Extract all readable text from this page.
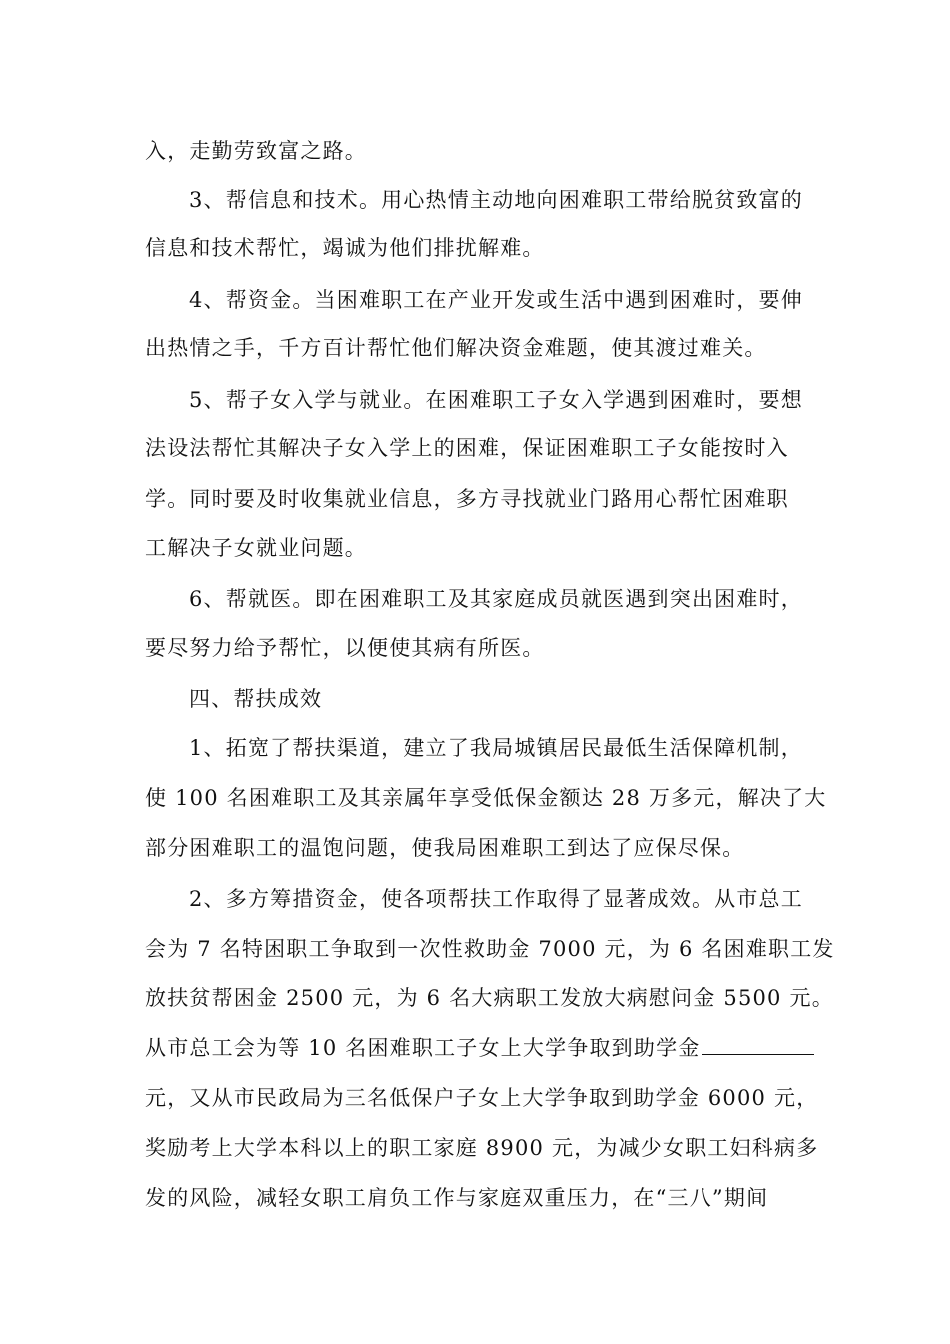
入，走勤劳致富之路。
3、帮信息和技术。用心热情主动地向困难职工带给脱贫致富的
信息和技术帮忙，竭诚为他们排扰解难。
4、帮资金。当困难职工在产业开发或生活中遇到困难时，要伸
出热情之手，千方百计帮忙他们解决资金难题，使其渡过难关。
5、帮子女入学与就业。在困难职工子女入学遇到困难时，要想
法设法帮忙其解决子女入学上的困难，保证困难职工子女能按时入
学。同时要及时收集就业信息，多方寻找就业门路用心帮忙困难职
工解决子女就业问题。
6、帮就医。即在困难职工及其家庭成员就医遇到突出困难时，
要尽努力给予帮忙，以便使其病有所医。
四、帮扶成效
1、拓宽了帮扶渠道，建立了我局城镇居民最低生活保障机制，
使 100 名困难职工及其亲属年享受低保金额达 28 万多元，解决了大
部分困难职工的温饱问题，使我局困难职工到达了应保尽保。
2、多方筹措资金，使各项帮扶工作取得了显著成效。从市总工
会为 7 名特困职工争取到一次性救助金 7000 元，为 6 名困难职工发
放扶贫帮困金 2500 元，为 6 名大病职工发放大病慰问金 5500 元。
从市总工会为等 10 名困难职工子女上大学争取到助学金
元，又从市民政局为三名低保户子女上大学争取到助学金 6000 元，
奖励考上大学本科以上的职工家庭 8900 元，为减少女职工妇科病多
发的风险，减轻女职工肩负工作与家庭双重压力，在“三八”期间
